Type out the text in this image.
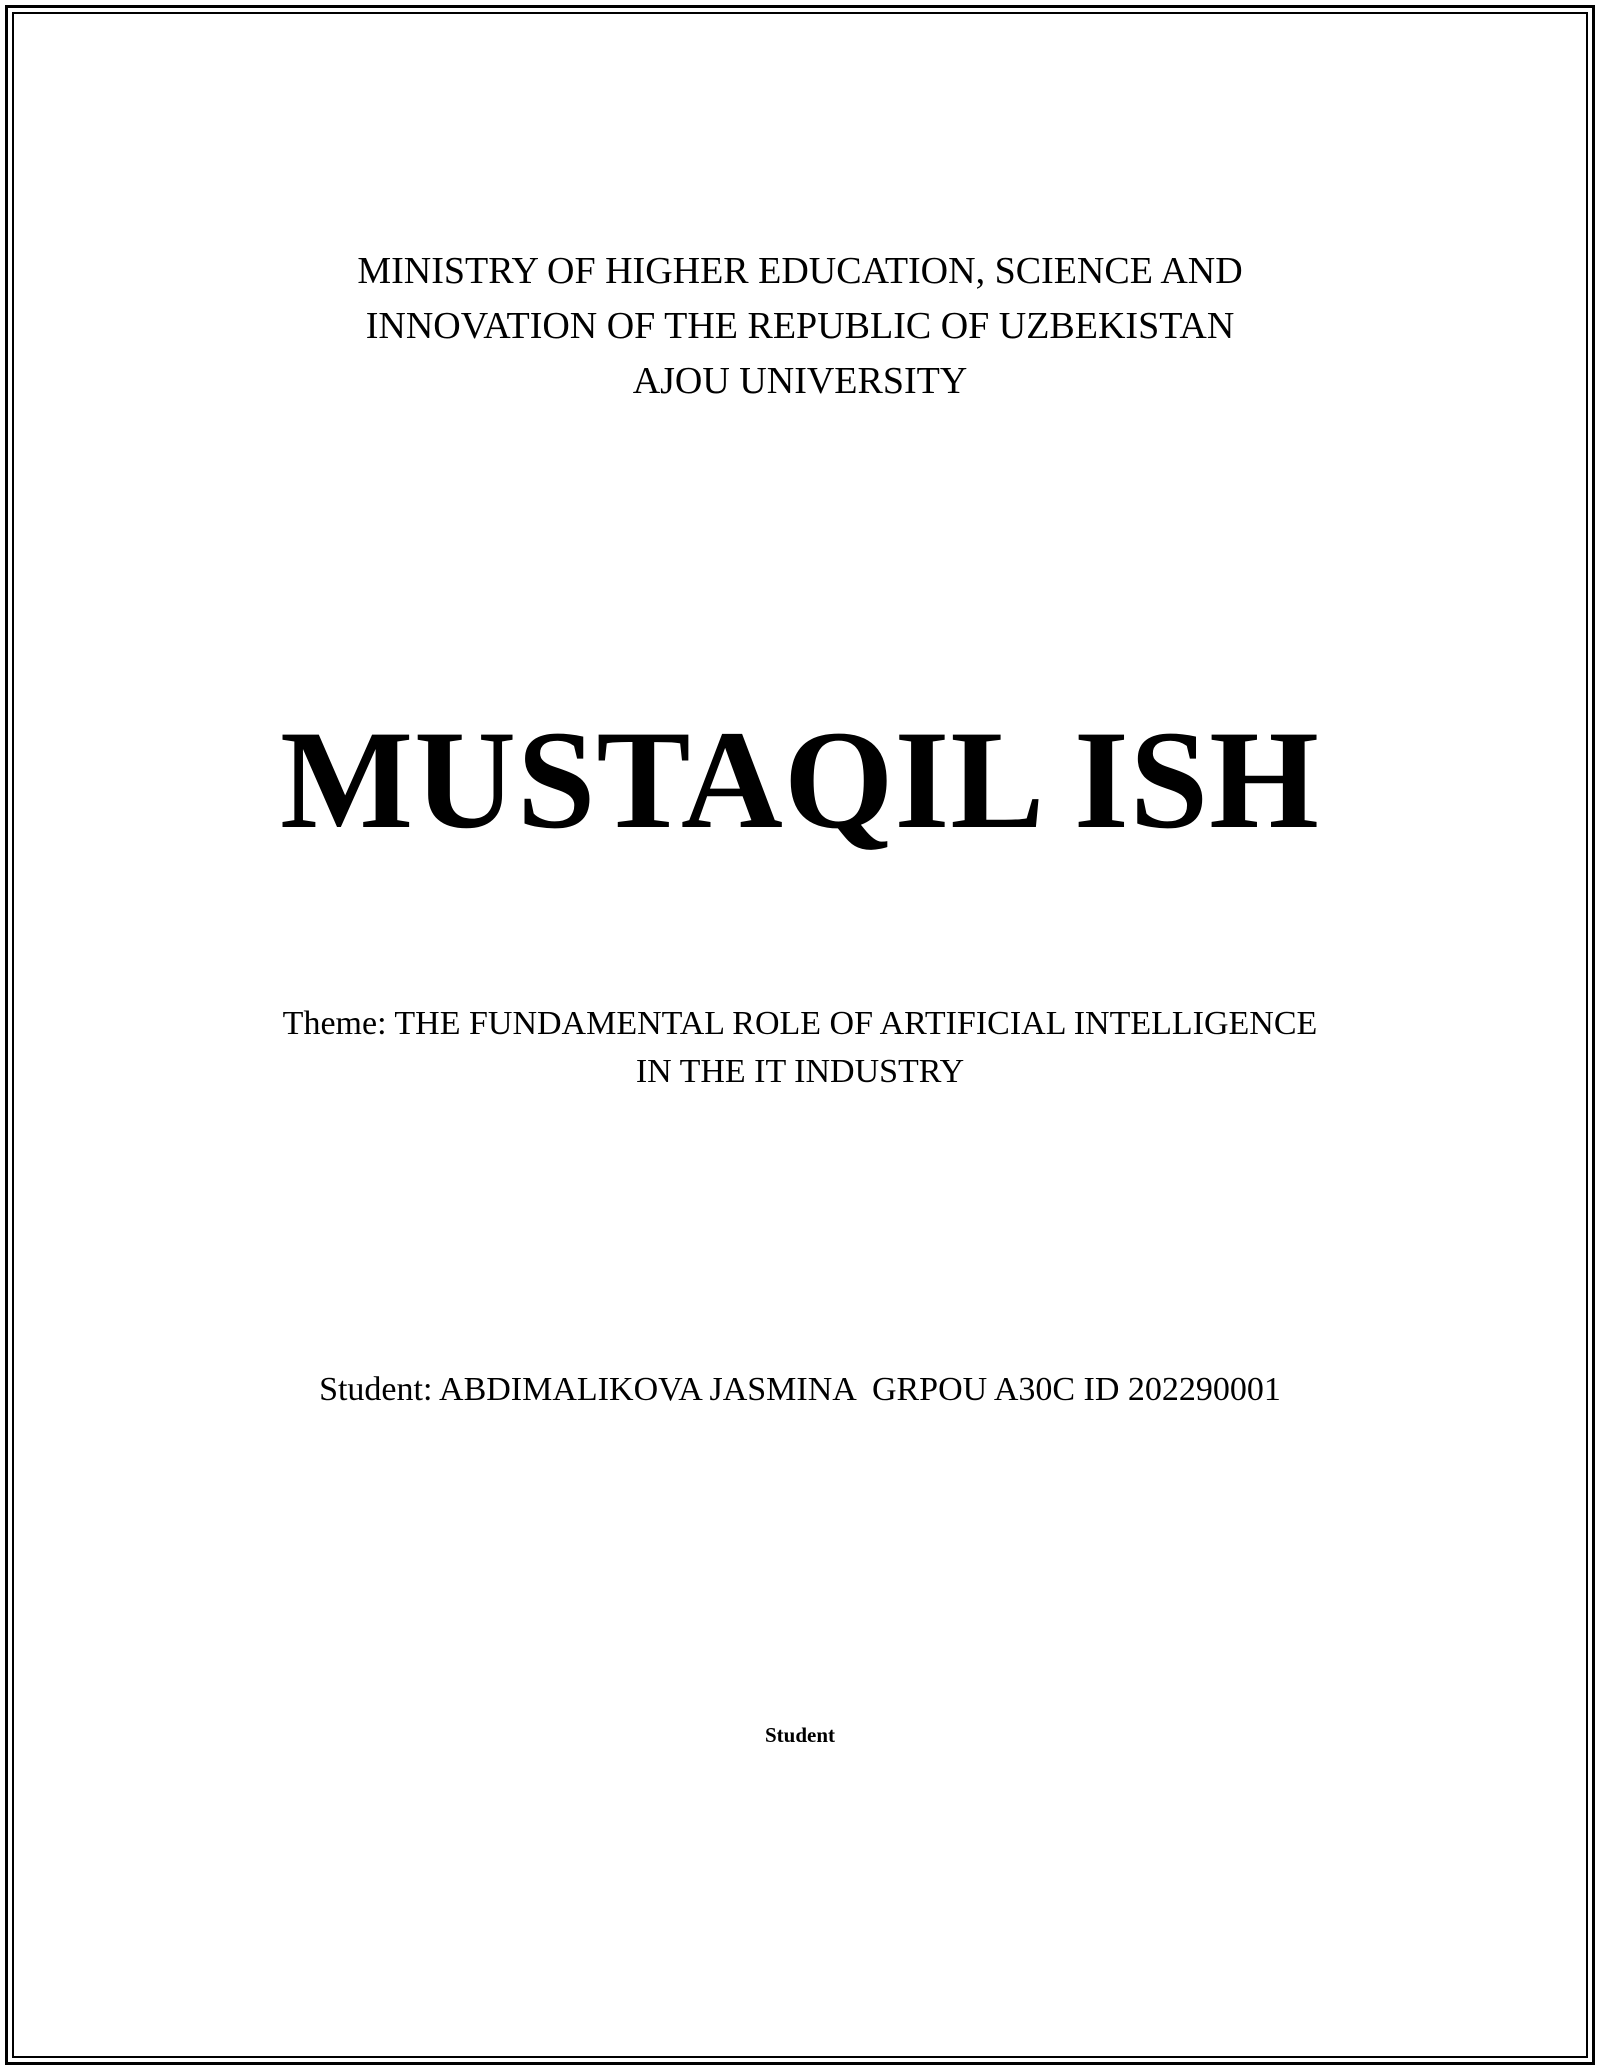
MINISTRY OF HIGHER EDUCATION, SCIENCE AND
INNOVATION OF THE REPUBLIC OF UZBEKISTAN
AJOU UNIVERSITY
MUSTAQIL ISH
Theme: THE FUNDAMENTAL ROLE OF ARTIFICIAL INTELLIGENCE
IN THE IT INDUSTRY
Student: ABDIMALIKOVA JASMINA  GRPOU A30C ID 202290001
Student
